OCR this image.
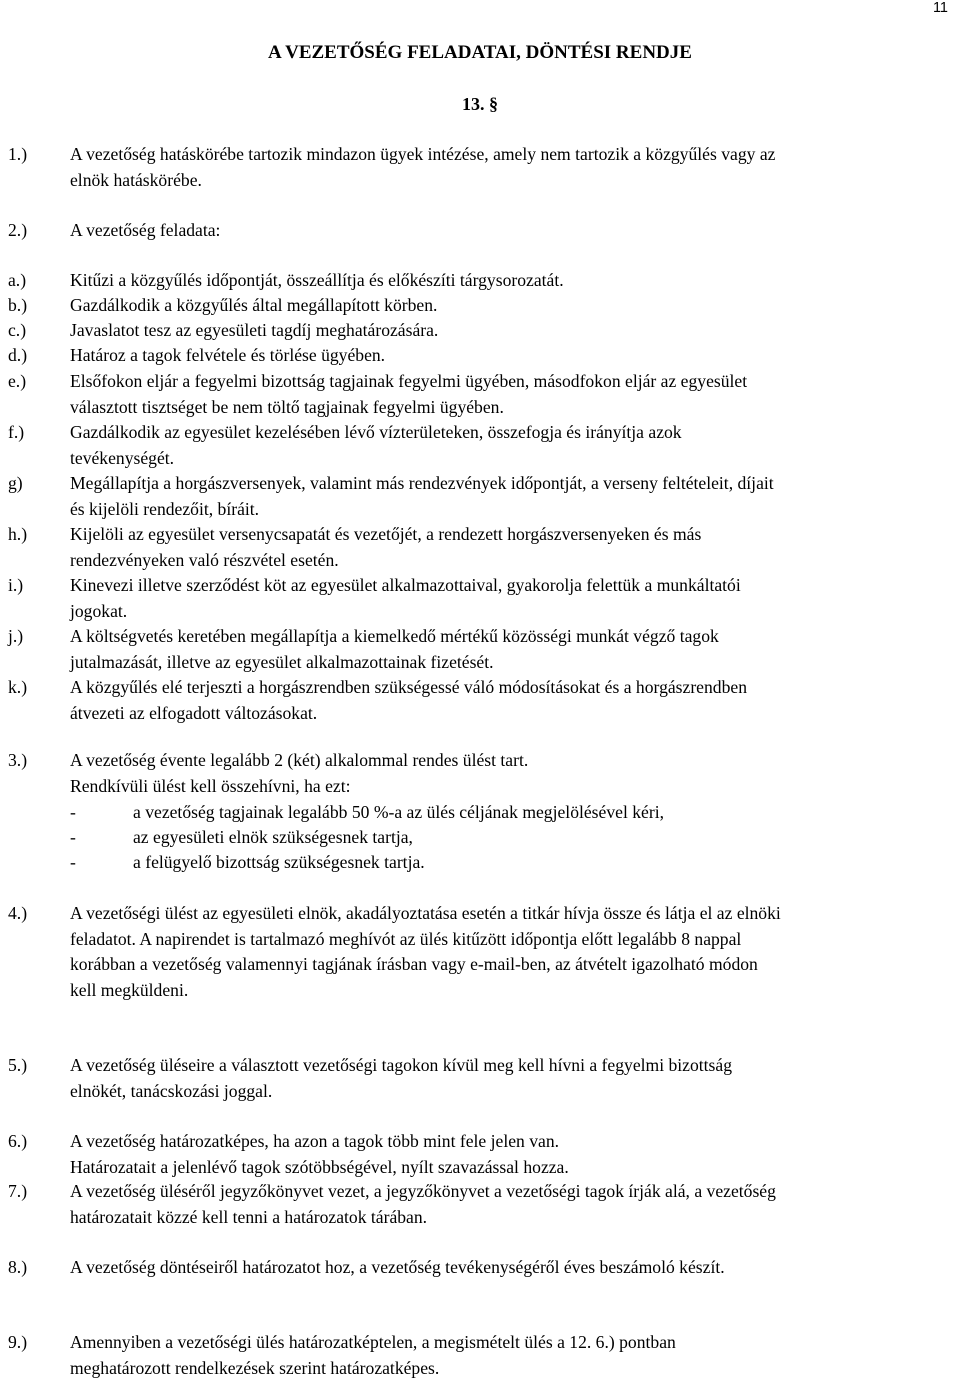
11
A VEZETŐSÉG FELADATAI, DÖNTÉSI RENDJE
13. §
1.) A vezetőség hatáskörébe tartozik mindazon ügyek intézése, amely nem tartozik a közgyűlés vagy az
elnök hatáskörébe.
2.) A vezetőség feladata:
a.) Kitűzi a közgyűlés időpontját, összeállítja és előkészíti tárgysorozatát.
b.) Gazdálkodik a közgyűlés által megállapított körben.
c.) Javaslatot tesz az egyesületi tagdíj meghatározására.
d.) Határoz a tagok felvétele és törlése ügyében.
e.) Elsőfokon eljár a fegyelmi bizottság tagjainak fegyelmi ügyében, másodfokon eljár az egyesület
választott tisztséget be nem töltő tagjainak fegyelmi ügyében.
f.)	Gazdálkodik az egyesület kezelésében lévő vízterületeken, összefogja és irányítja azok
tevékenységét.
g)	Megállapítja a horgászversenyek, valamint más rendezvények időpontját, a verseny feltételeit, díjait
és kijelöli rendezőit, bíráit.
h.) Kijelöli az egyesület versenycsapatát és vezetőjét, a rendezett horgászversenyeken és más
rendezvényeken való részvétel esetén.
i.)	Kinevezi illetve szerződést köt az egyesület alkalmazottaival, gyakorolja felettük a munkáltatói
jogokat.
j.)	A költségvetés keretében megállapítja a kiemelkedő mértékű közösségi munkát végző tagok
jutalmazását, illetve az egyesület alkalmazottainak fizetését.
k.) A közgyűlés elé terjeszti a horgászrendben szükségessé váló módosításokat és a horgászrendben
átvezeti az elfogadott változásokat.
3.) A vezetőség évente legalább 2 (két) alkalommal rendes ülést tart.
Rendkívüli ülést kell összehívni, ha ezt:
-	a vezetőség tagjainak legalább 50 %-a az ülés céljának megjelölésével kéri,
-	az egyesületi elnök szükségesnek tartja,
-	a felügyelő bizottság szükségesnek tartja.
4.) A vezetőségi ülést az egyesületi elnök, akadályoztatása esetén a titkár hívja össze és látja el az elnöki
feladatot. A napirendet is tartalmazó meghívót az ülés kitűzött időpontja előtt legalább 8 nappal
korábban a vezetőség valamennyi tagjának írásban vagy e-mail-ben, az átvételt igazolható módon
kell megküldeni.
5.) A vezetőség üléseire a választott vezetőségi tagokon kívül meg kell hívni a fegyelmi bizottság
elnökét, tanácskozási joggal.
6.) A vezetőség határozatképes, ha azon a tagok több mint fele jelen van.
Határozatait a jelenlévő tagok szótöbbségével, nyílt szavazással hozza.
7.) A vezetőség üléséről jegyzőkönyvet vezet, a jegyzőkönyvet a vezetőségi tagok írják alá, a vezetőség
határozatait közzé kell tenni a határozatok tárában.
8.) A vezetőség döntéseiről határozatot hoz, a vezetőség tevékenységéről éves beszámoló készít.
9.) Amennyiben a vezetőségi ülés határozatképtelen, a megismételt ülés a 12. 6.) pontban
meghatározott rendelkezések szerint határozatképes.
